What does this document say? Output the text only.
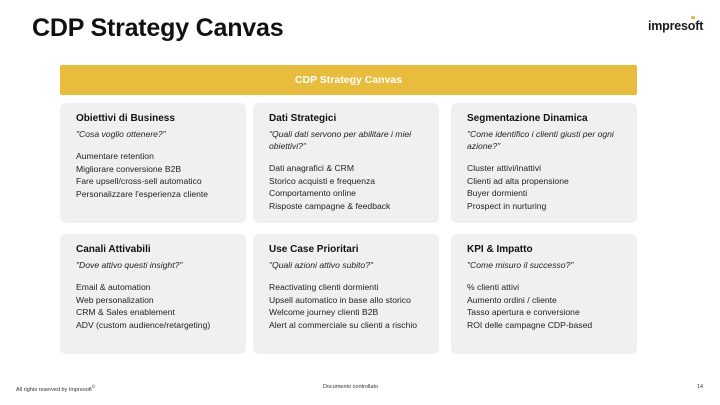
CDP Strategy Canvas	impresoft
CDP Strategy Canvas
Obiettivi di Business
"Cosa voglio ottenere?"
Aumentare retention
Migliorare conversione B2B
Fare upsell/cross-sell automatico
Personalizzare l'esperienza cliente
Dati Strategici
"Quali dati servono per abilitare i miei obiettivi?"
Dati anagrafici & CRM
Storico acquisti e frequenza
Comportamento online
Risposte campagne & feedback
Segmentazione Dinamica
"Come identifico i clienti giusti per ogni azione?"
Cluster attivi/inattivi
Clienti ad alta propensione
Buyer dormienti
Prospect in nurturing
Canali Attivabili
"Dove attivo questi insight?"
Email & automation
Web personalization
CRM & Sales enablement
ADV (custom audience/retargeting)
Use Case Prioritari
"Quali azioni attivo subito?"
Reactivating clienti dormienti
Upsell automatico in base allo storico
Welcome journey clienti B2B
Alert al commerciale su clienti a rischio
KPI & Impatto
"Come misuro il successo?"
% clienti attivi
Aumento ordini / cliente
Tasso apertura e conversione
ROI delle campagne CDP-based
All rights reserved by Impresoft©	Documento controllato	14
